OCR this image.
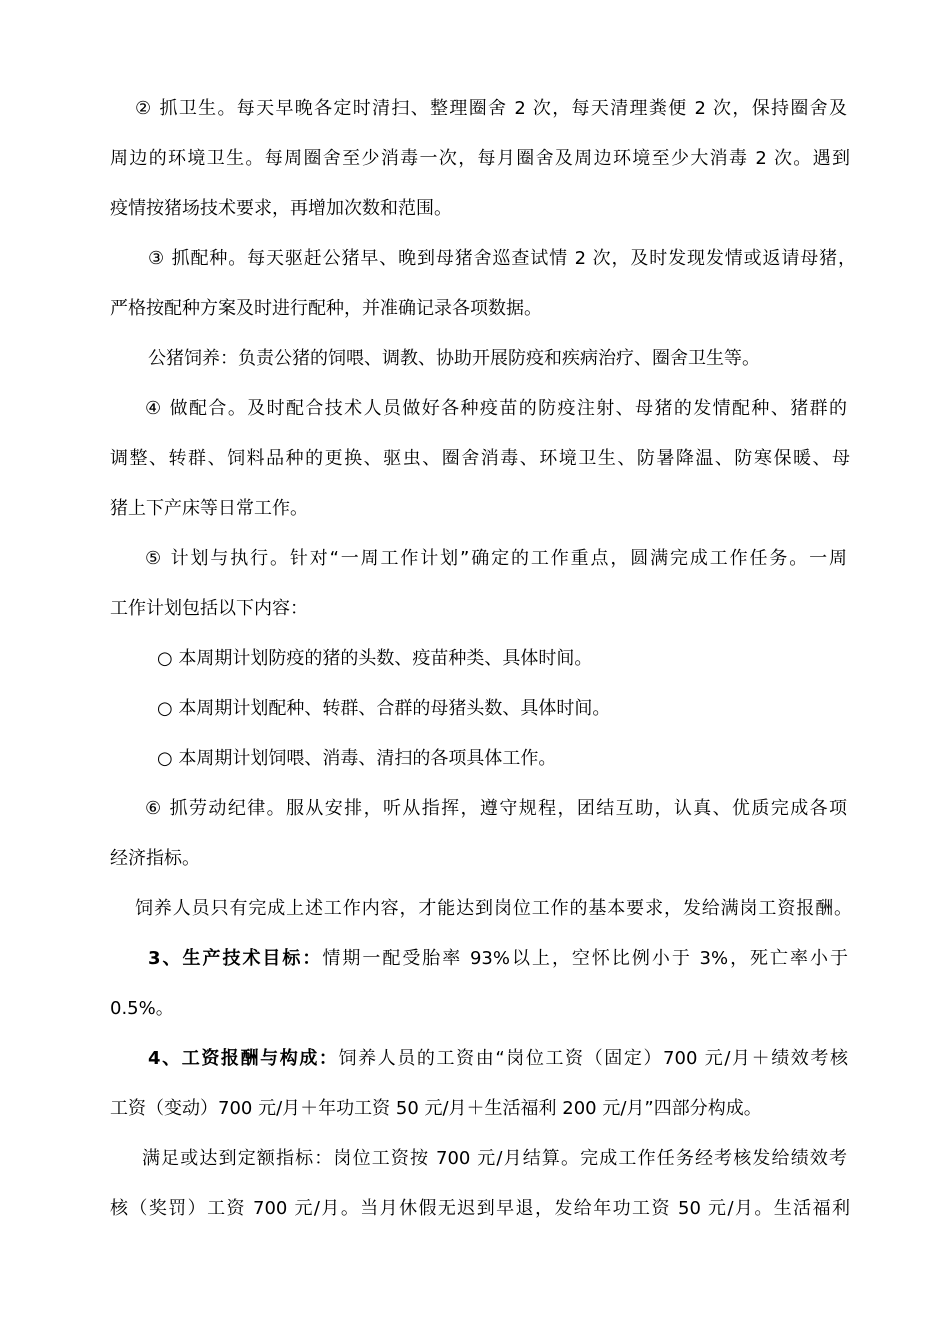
② 抓卫生。每天早晚各定时清扫、整理圈舍 2 次，每天清理粪便 2 次，保持圈舍及
周边的环境卫生。每周圈舍至少消毒一次，每月圈舍及周边环境至少大消毒 2 次。遇到
疫情按猪场技术要求，再增加次数和范围。
③ 抓配种。每天驱赶公猪早、晚到母猪舍巡查试情 2 次，及时发现发情或返请母猪，
严格按配种方案及时进行配种，并准确记录各项数据。
公猪饲养：负责公猪的饲喂、调教、协助开展防疫和疾病治疗、圈舍卫生等。
④ 做配合。及时配合技术人员做好各种疫苗的防疫注射、母猪的发情配种、猪群的
调整、转群、饲料品种的更换、驱虫、圈舍消毒、环境卫生、防暑降温、防寒保暖、母
猪上下产床等日常工作。
⑤ 计划与执行。针对“一周工作计划”确定的工作重点，圆满完成工作任务。一周
工作计划包括以下内容：
○ 本周期计划防疫的猪的头数、疫苗种类、具体时间。
○ 本周期计划配种、转群、合群的母猪头数、具体时间。
○ 本周期计划饲喂、消毒、清扫的各项具体工作。
⑥ 抓劳动纪律。服从安排，听从指挥，遵守规程，团结互助，认真、优质完成各项
经济指标。
饲养人员只有完成上述工作内容，才能达到岗位工作的基本要求，发给满岗工资报酬。
3、生产技术目标：情期一配受胎率 93%以上，空怀比例小于 3%，死亡率小于
0.5%。
4、工资报酬与构成：饲养人员的工资由“岗位工资（固定）700 元/月＋绩效考核
工资（变动）700 元/月＋年功工资 50 元/月＋生活福利 200 元/月”四部分构成。
满足或达到定额指标：岗位工资按 700 元/月结算。完成工作任务经考核发给绩效考
核（奖罚）工资 700 元/月。当月休假无迟到早退，发给年功工资 50 元/月。生活福利
